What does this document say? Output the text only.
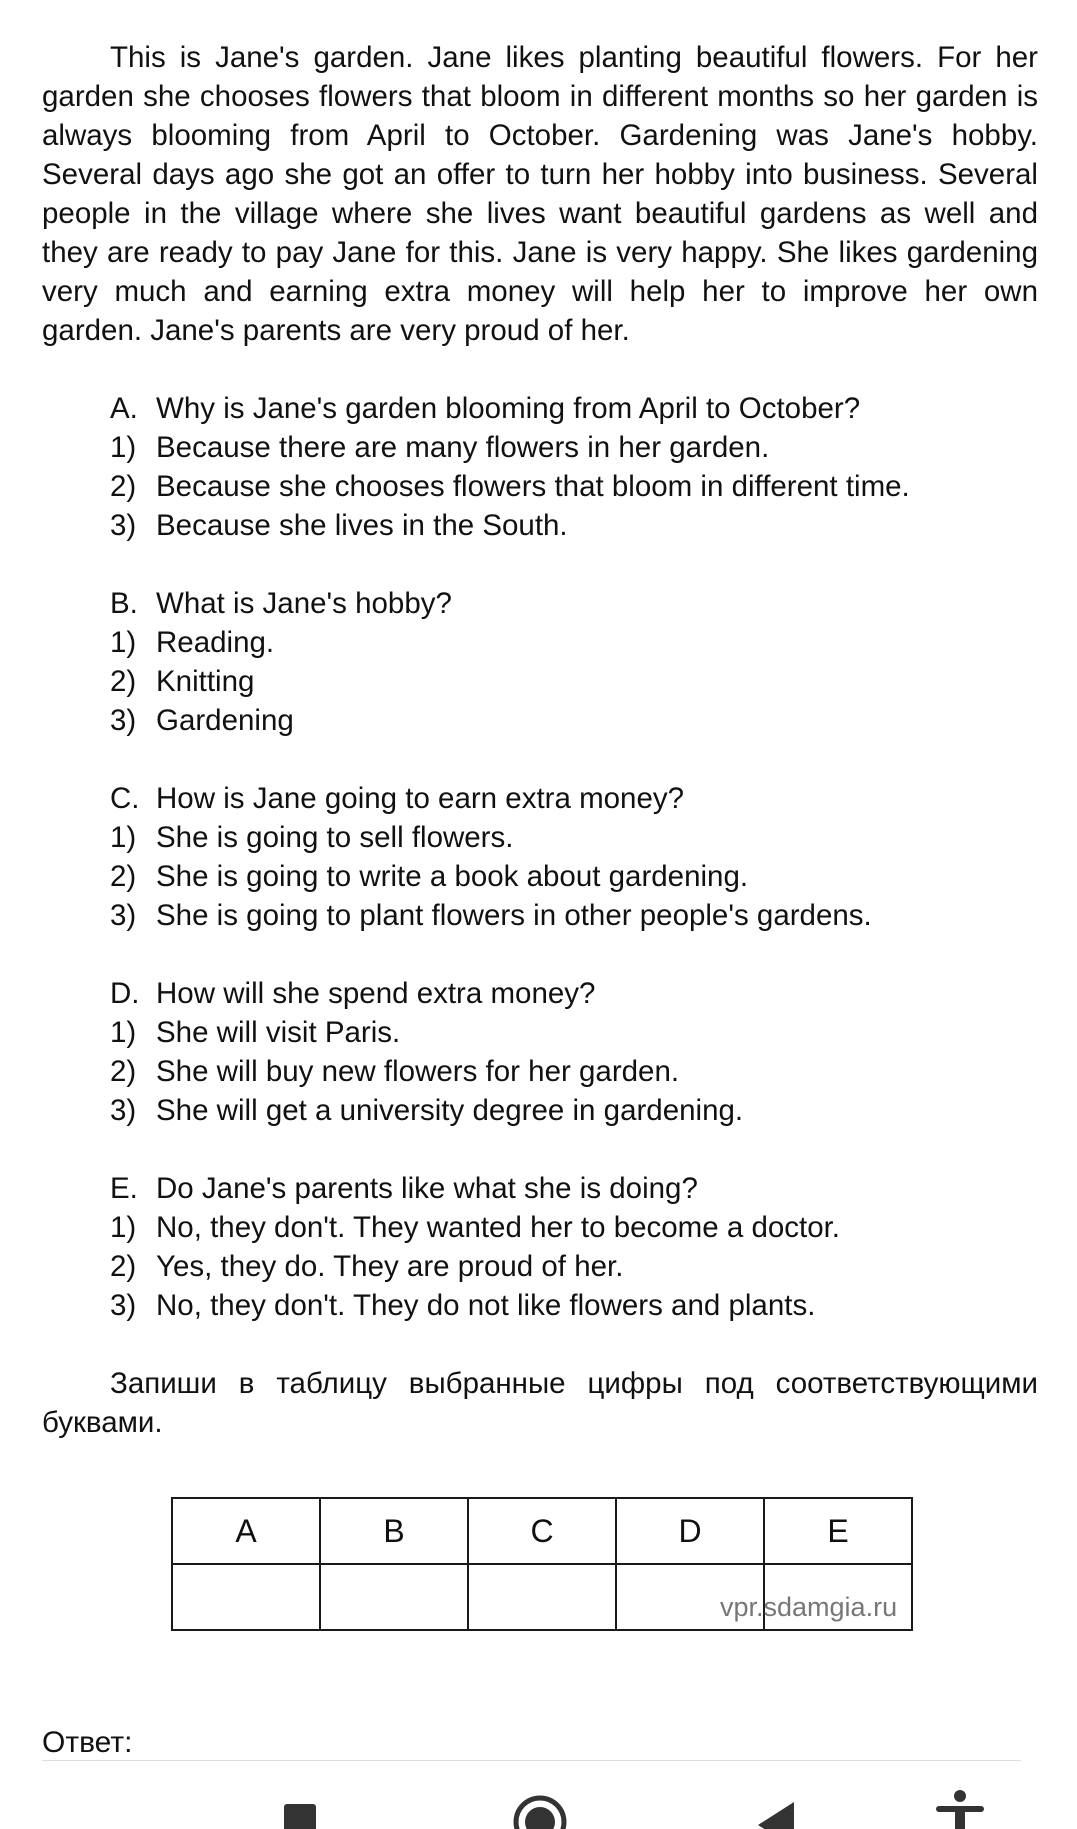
This is Jane's garden. Jane likes planting beautiful flowers. For her garden she chooses flowers that bloom in different months so her garden is always blooming from April to October. Gardening was Jane's hobby. Several days ago she got an offer to turn her hobby into business. Several people in the village where she lives want beautiful gardens as well and they are ready to pay Jane for this. Jane is very happy. She likes gardening very much and earning extra money will help her to improve her own garden. Jane's parents are very proud of her.

A. Why is Jane's garden blooming from April to October?
1) Because there are many flowers in her garden.
2) Because she chooses flowers that bloom in different time.
3) Because she lives in the South.
B. What is Jane's hobby?
1) Reading.
2) Knitting
3) Gardening
C. How is Jane going to earn extra money?
1) She is going to sell flowers.
2) She is going to write a book about gardening.
3) She is going to plant flowers in other people's gardens.
D. How will she spend extra money?
1) She will visit Paris.
2) She will buy new flowers for her garden.
3) She will get a university degree in gardening.
E. Do Jane's parents like what she is doing?
1) No, they don't. They wanted her to become a doctor.
2) Yes, they do. They are proud of her.
3) No, they don't. They do not like flowers and plants.

Запиши в таблицу выбранные цифры под соответствующими буквами.

A	B	C	D	E

vpr.sdamgia.ru
Ответ:
